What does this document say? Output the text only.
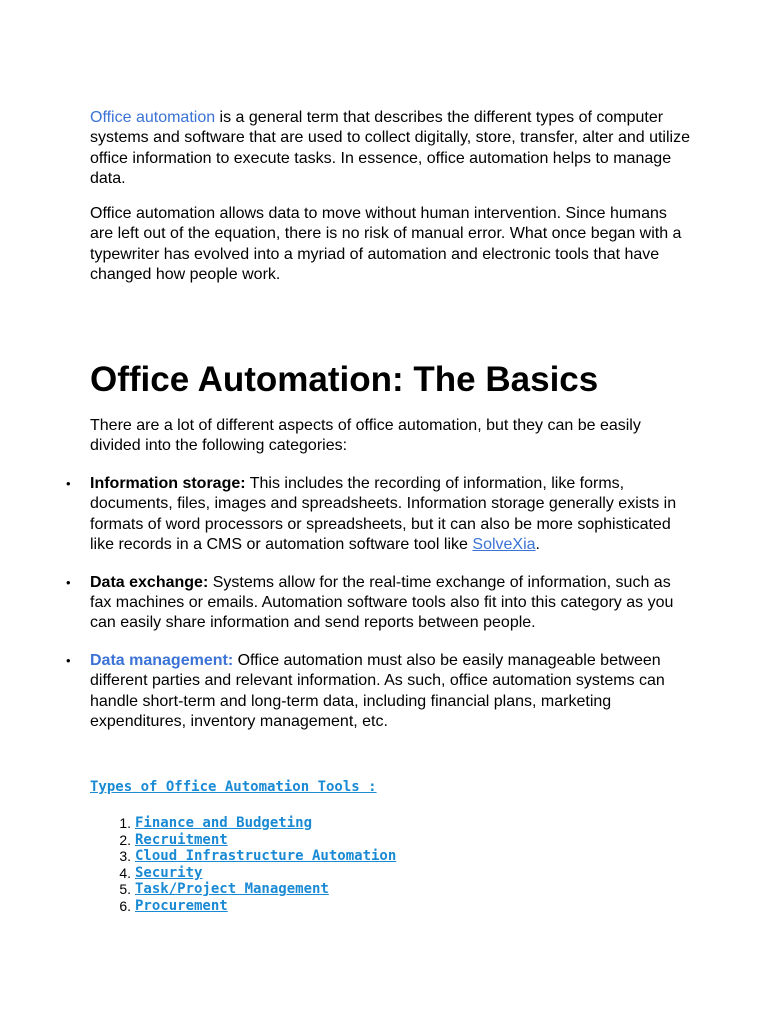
Office automation is a general term that describes the different types of computer systems and software that are used to collect digitally, store, transfer, alter and utilize office information to execute tasks. In essence, office automation helps to manage data.

Office automation allows data to move without human intervention. Since humans are left out of the equation, there is no risk of manual error. What once began with a typewriter has evolved into a myriad of automation and electronic tools that have changed how people work.

Office Automation: The Basics

There are a lot of different aspects of office automation, but they can be easily divided into the following categories:

• Information storage: This includes the recording of information, like forms, documents, files, images and spreadsheets. Information storage generally exists in formats of word processors or spreadsheets, but it can also be more sophisticated like records in a CMS or automation software tool like SolveXia.
• Data exchange: Systems allow for the real-time exchange of information, such as fax machines or emails. Automation software tools also fit into this category as you can easily share information and send reports between people.
• Data management: Office automation must also be easily manageable between different parties and relevant information. As such, office automation systems can handle short-term and long-term data, including financial plans, marketing expenditures, inventory management, etc.
Types of Office Automation Tools :
1. Finance and Budgeting
2. Recruitment
3. Cloud Infrastructure Automation
4. Security
5. Task/Project Management
6. Procurement
